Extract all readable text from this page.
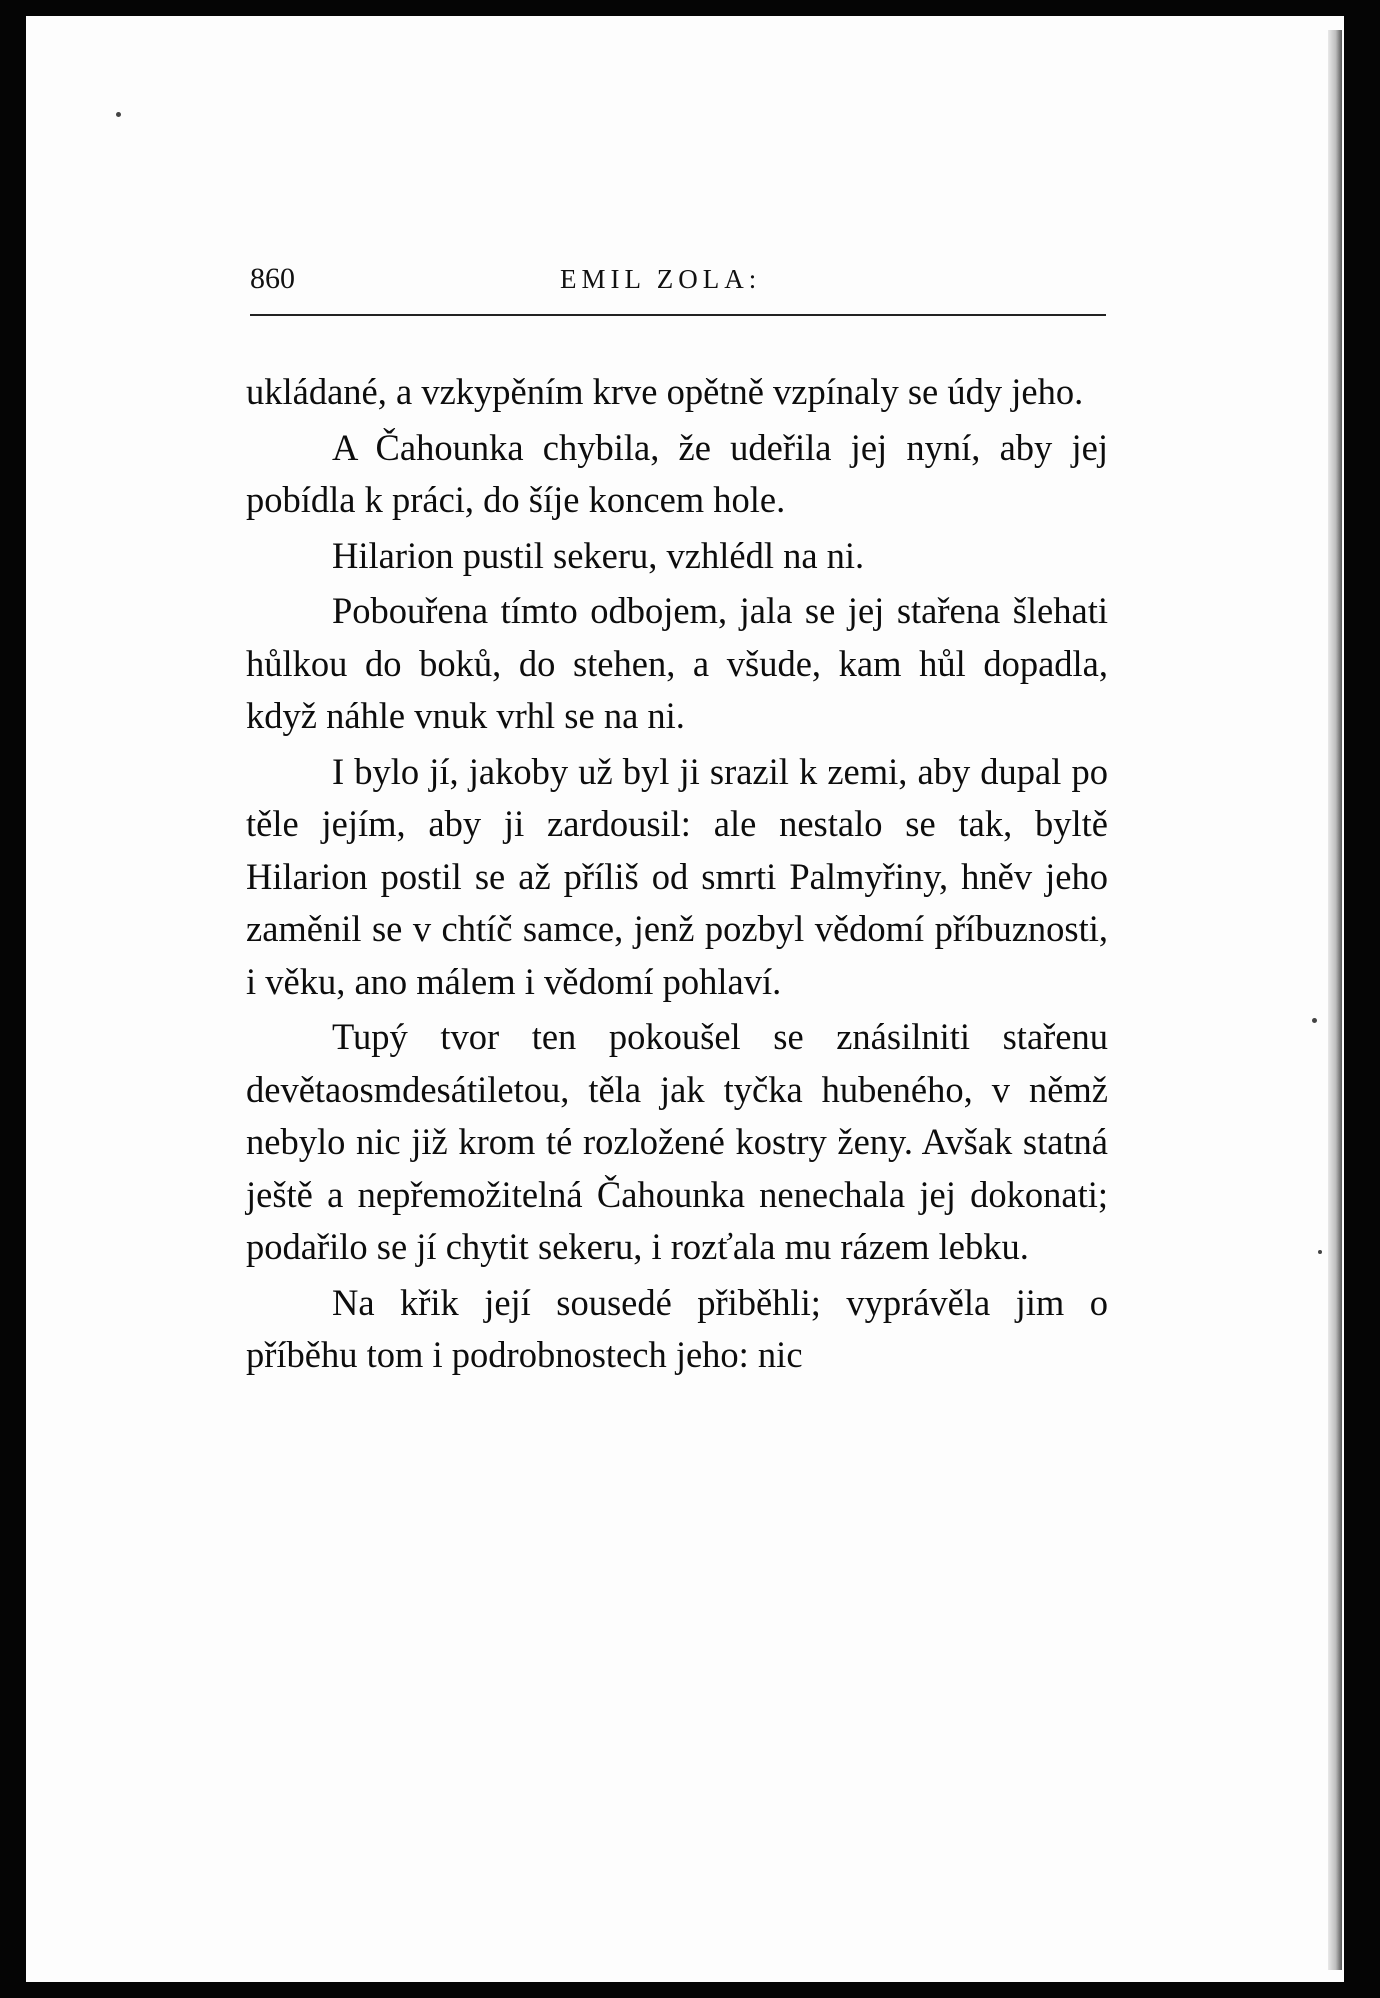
860	EMIL ZOLA:

ukládané, a vzkypěním krve opětně vzpínaly se údy jeho.

A Čahounka chybila, že udeřila jej nyní, aby jej pobídla k práci, do šíje koncem hole.

Hilarion pustil sekeru, vzhlédl na ni.

Pobouřena tímto odbojem, jala se jej stařena šlehati hůlkou do boků, do stehen, a všude, kam hůl dopadla, když náhle vnuk vrhl se na ni.

I bylo jí, jakoby už byl ji srazil k zemi, aby dupal po těle jejím, aby ji zardousil: ale nestalo se tak, byltě Hilarion postil se až příliš od smrti Palmyřiny, hněv jeho zaměnil se v chtíč samce, jenž pozbyl vědomí příbuznosti, i věku, ano málem i vědomí pohlaví.

Tupý tvor ten pokoušel se znásilniti stařenu devětaosmdesátiletou, těla jak tyčka hubeného, v němž nebylo nic již krom té rozložené kostry ženy. Avšak statná ještě a nepřemožitelná Čahounka nenechala jej dokonati; podařilo se jí chytit sekeru, i rozťala mu rázem lebku.

Na křik její sousedé přiběhli; vyprávěla jim o příběhu tom i podrobnostech jeho: nic
